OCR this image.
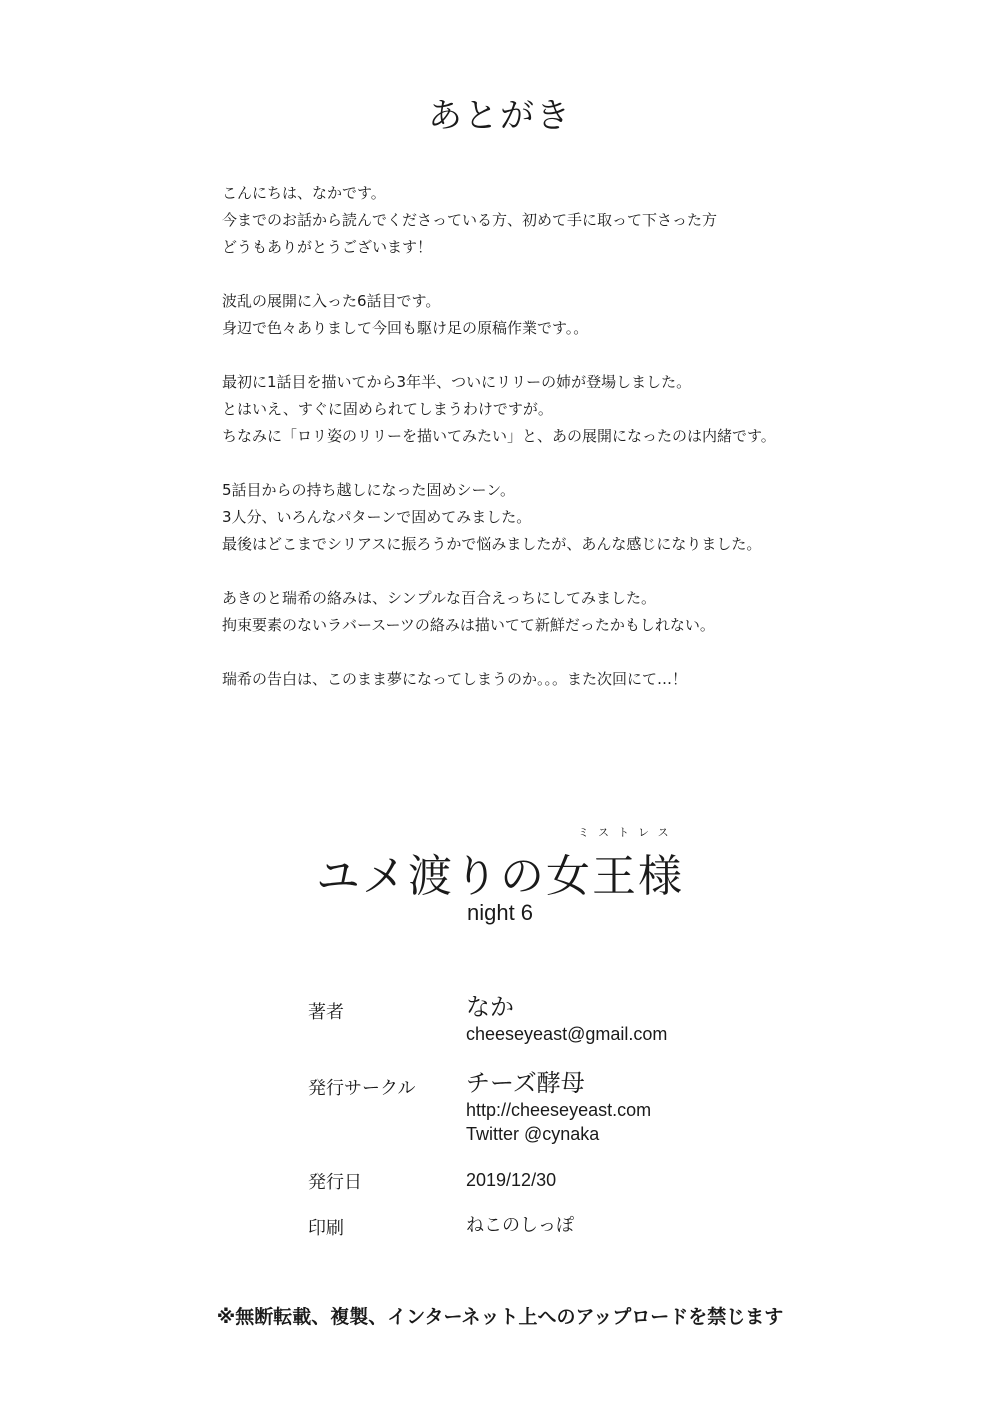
あとがき
こんにちは、なかです。
今までのお話から読んでくださっている方、初めて手に取って下さった方
どうもありがとうございます！
波乱の展開に入った6話目です。
身辺で色々ありまして今回も駆け足の原稿作業です。。
最初に1話目を描いてから3年半、ついにリリーの姉が登場しました。
とはいえ、すぐに固められてしまうわけですが。
ちなみに「ロリ姿のリリーを描いてみたい」と、あの展開になったのは内緒です。
5話目からの持ち越しになった固めシーン。
3人分、いろんなパターンで固めてみました。
最後はどこまでシリアスに振ろうかで悩みましたが、あんな感じになりました。
あきのと瑞希の絡みは、シンプルな百合えっちにしてみました。
拘束要素のないラバースーツの絡みは描いてて新鮮だったかもしれない。
瑞希の告白は、このまま夢になってしまうのか。。。また次回にて…！
ミストレス
ユメ渡りの女王様
night 6
著者	なか
cheeseyeast@gmail.com
発行サークル チーズ酵母
http://cheeseyeast.com
Twitter @cynaka
発行日	2019/12/30
印刷	ねこのしっぽ
※無断転載、複製、インターネット上へのアップロードを禁じます
